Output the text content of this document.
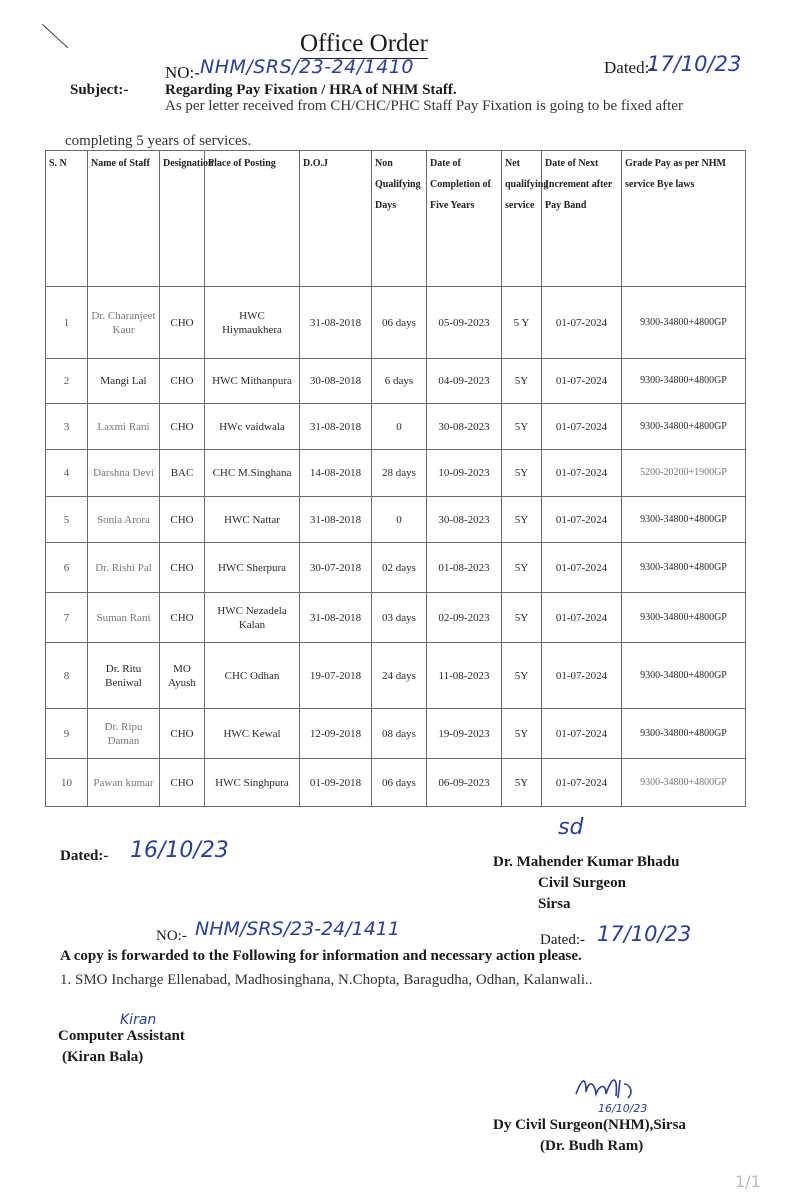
Office Order
NO:- NHM/SRS/23-24/1410	Dated:-
17/10/23
Subject:- Regarding Pay Fixation / HRA of NHM Staff.
As per letter received from CH/CHC/PHC Staff Pay Fixation is going to be fixed after
completing 5 years of services.
S. N	Name of Staff	Designation	Place of Posting	D.O.J	Non Qualifying Days	Date of Completion of Five Years	Net qualifying service	Date of Next Increment after Pay Band	Grade Pay as per NHM service Bye laws
1	Dr. Charanjeet Kaur	CHO	HWC Hiymaukhera	31-08-2018	06 days	05-09-2023	5 Y	01-07-2024	9300-34800+4800GP
2	Mangi Lal	CHO	HWC Mithanpura	30-08-2018	6 days	04-09-2023	5Y	01-07-2024	9300-34800+4800GP
3	Laxmi Rani	CHO	HWc vaidwala	31-08-2018	0	30-08-2023	5Y	01-07-2024	9300-34800+4800GP
4	Darshna Devi	BAC	CHC M.Singhana	14-08-2018	28 days	10-09-2023	5Y	01-07-2024	5200-20200+1900GP
5	Sonia Arora	CHO	HWC Nattar	31-08-2018	0	30-08-2023	5Y	01-07-2024	9300-34800+4800GP
6	Dr. Rishi Pal	CHO	HWC Sherpura	30-07-2018	02 days	01-08-2023	5Y	01-07-2024	9300-34800+4800GP
7	Suman Rani	CHO	HWC Nezadela Kalan	31-08-2018	03 days	02-09-2023	5Y	01-07-2024	9300-34800+4800GP
8	Dr. Ritu Beniwal	MO Ayush	CHC Odhan	19-07-2018	24 days	11-08-2023	5Y	01-07-2024	9300-34800+4800GP
9	Dr. Ripu Daman	CHO	HWC Kewal	12-09-2018	08 days	19-09-2023	5Y	01-07-2024	9300-34800+4800GP
10	Pawan kumar	CHO	HWC Singhpura	01-09-2018	06 days	06-09-2023	5Y	01-07-2024	9300-34800+4800GP
Dated:- 16/10/23
sd
Dr. Mahender Kumar Bhadu
Civil Surgeon
Sirsa
NO:- NHM/SRS/23-24/1411	Dated:- 17/10/23
A copy is forwarded to the Following for information and necessary action please.
1. SMO Incharge Ellenabad, Madhosinghana, N.Chopta, Baragudha, Odhan, Kalanwali..
Kiran
Computer Assistant
(Kiran Bala)
16/10/23
Dy Civil Surgeon(NHM),Sirsa
(Dr. Budh Ram)
1/1
